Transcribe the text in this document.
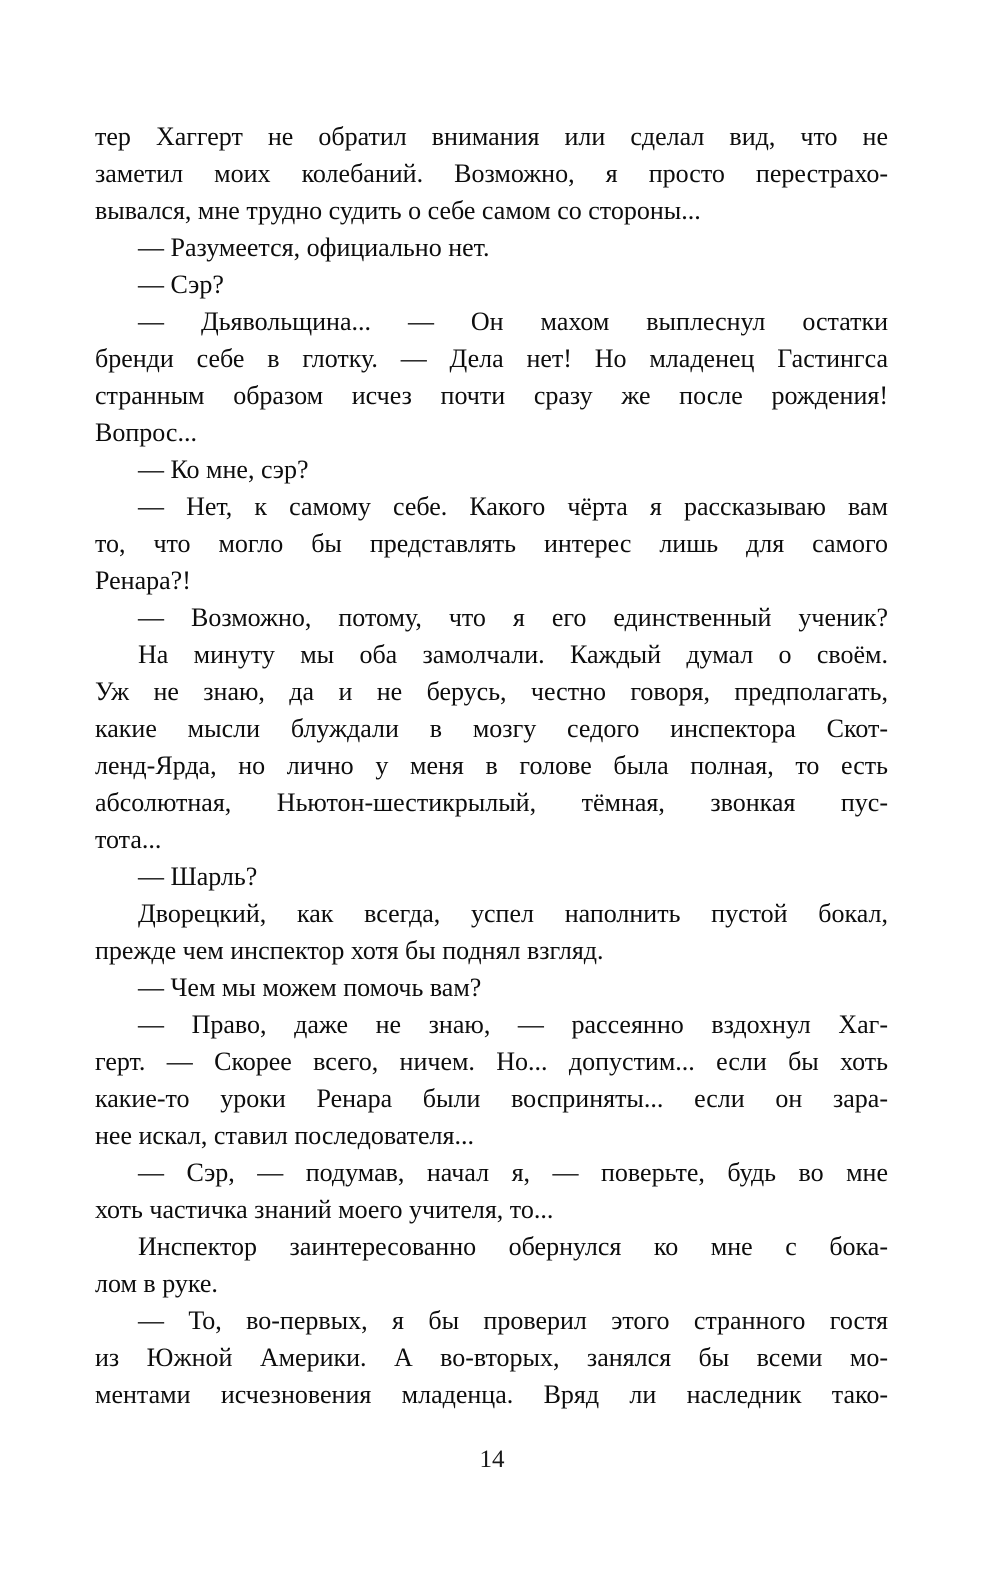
тер Хаггерт не обратил внимания или сделал вид, что не
заметил моих колебаний. Возможно, я просто перестрахо-
вывался, мне трудно судить о себе самом со стороны...
— Разумеется, официально нет.
— Сэр?
— Дьявольщина... — Он махом выплеснул остатки
бренди себе в глотку. — Дела нет! Но младенец Гастингса
странным образом исчез почти сразу же после рождения!
Вопрос...
— Ко мне, сэр?
— Нет, к самому себе. Какого чёрта я рассказываю вам
то, что могло бы представлять интерес лишь для самого
Ренара?!
— Возможно, потому, что я его единственный ученик?
На минуту мы оба замолчали. Каждый думал о своём.
Уж не знаю, да и не берусь, честно говоря, предполагать,
какие мысли блуждали в мозгу седого инспектора Скот-
ленд-Ярда, но лично у меня в голове была полная, то есть
абсолютная, Ньютон-шестикрылый, тёмная, звонкая пус-
тота...
— Шарль?
Дворецкий, как всегда, успел наполнить пустой бокал,
прежде чем инспектор хотя бы поднял взгляд.
— Чем мы можем помочь вам?
— Право, даже не знаю, — рассеянно вздохнул Хаг-
герт. — Скорее всего, ничем. Но... допустим... если бы хоть
какие-то уроки Ренара были восприняты... если он зара-
нее искал, ставил последователя...
— Сэр, — подумав, начал я, — поверьте, будь во мне
хоть частичка знаний моего учителя, то...
Инспектор заинтересованно обернулся ко мне с бока-
лом в руке.
— То, во-первых, я бы проверил этого странного гостя
из Южной Америки. А во-вторых, занялся бы всеми мо-
ментами исчезновения младенца. Вряд ли наследник тако-
14
